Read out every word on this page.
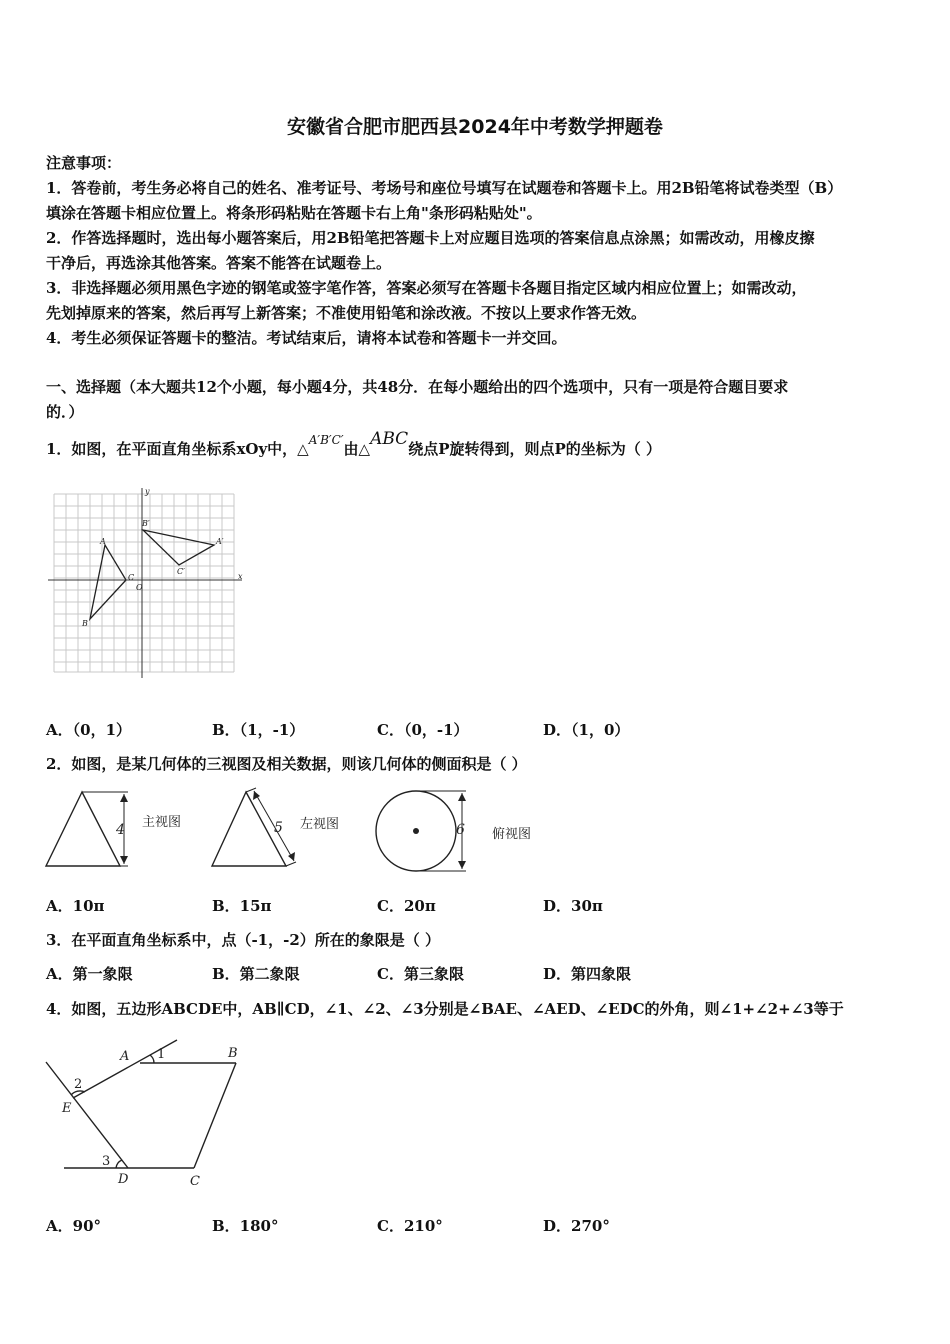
安徽省合肥市肥西县2024年中考数学押题卷
注意事项：
1．答卷前，考生务必将自己的姓名、准考证号、考场号和座位号填写在试题卷和答题卡上。用2B铅笔将试卷类型（B）
填涂在答题卡相应位置上。将条形码粘贴在答题卡右上角"条形码粘贴处"。
2．作答选择题时，选出每小题答案后，用2B铅笔把答题卡上对应题目选项的答案信息点涂黑；如需改动，用橡皮擦
干净后，再选涂其他答案。答案不能答在试题卷上。
3．非选择题必须用黑色字迹的钢笔或签字笔作答，答案必须写在答题卡各题目指定区域内相应位置上；如需改动，
先划掉原来的答案，然后再写上新答案；不准使用铅笔和涂改液。不按以上要求作答无效。
4．考生必须保证答题卡的整洁。考试结束后，请将本试卷和答题卡一并交回。
一、选择题（本大题共12个小题，每小题4分，共48分．在每小题给出的四个选项中，只有一项是符合题目要求
的．）
1．如图，在平面直角坐标系xOy中，△$^{A'B'C'}$由△ABC绕点P旋转得到，则点P的坐标为（ ）
y
x
O
A
B
C
A′
B′
C′
A．（0，1）	B．（1，-1）	C．（0，-1）	D．（1，0）
2．如图，是某几何体的三视图及相关数据，则该几何体的侧面积是（ ）
4 主视图	5 左视图	6 俯视图
A．10π	B．15π	C．20π	D．30π
3．在平面直角坐标系中，点（-1，-2）所在的象限是（ ）
A．第一象限	B．第二象限	C．第三象限	D．第四象限
4．如图，五边形ABCDE中，AB∥CD，∠1、∠2、∠3分别是∠BAE、∠AED、∠EDC的外角，则∠1+∠2+∠3等于
A	B
C
D
E
1
2
3
A．90°	B．180°	C．210°	D．270°
